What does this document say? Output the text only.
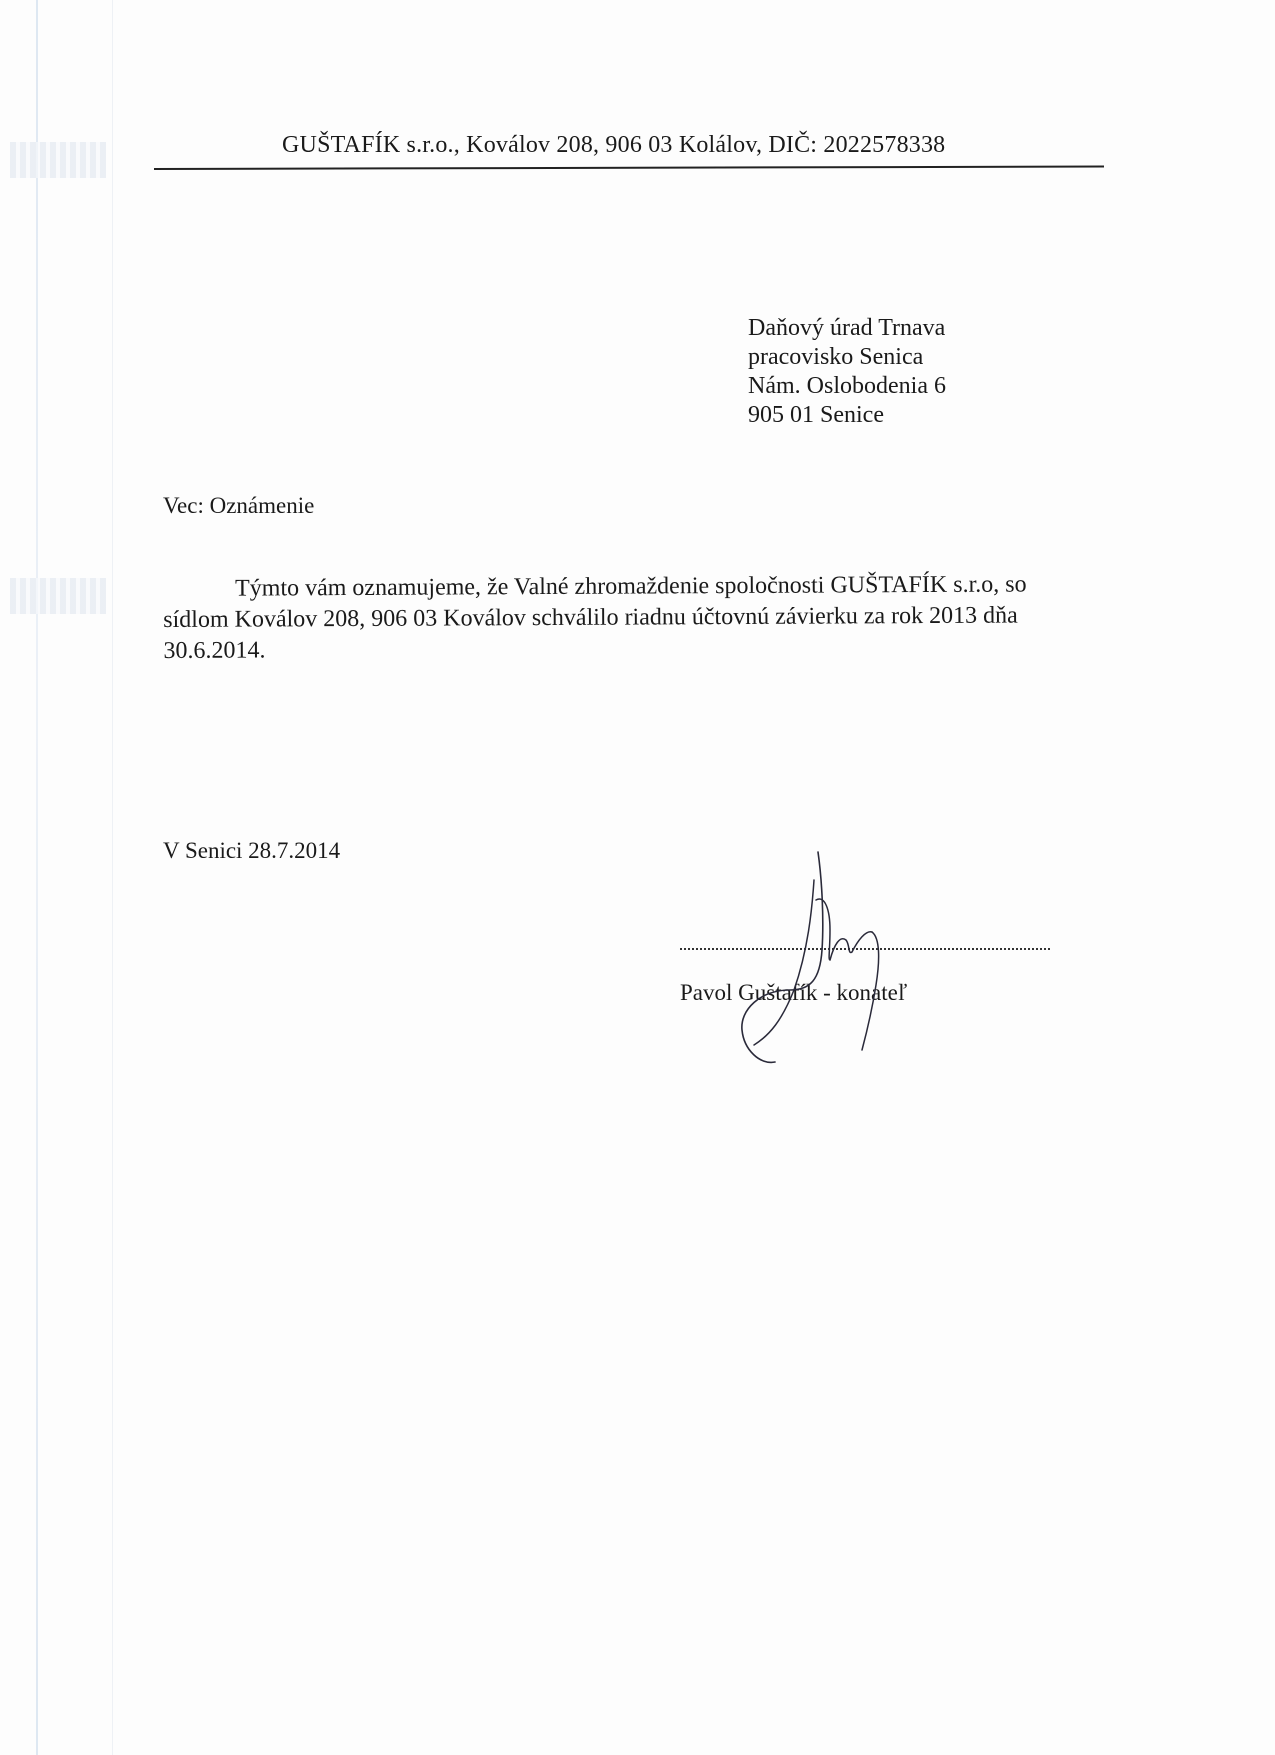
GUŠTAFÍK s.r.o., Koválov 208, 906 03 Kolálov, DIČ: 2022578338
Daňový úrad Trnava
pracovisko Senica
Nám. Oslobodenia 6
905 01 Senice
Vec: Oznámenie
Týmto vám oznamujeme, že Valné zhromaždenie spoločnosti GUŠTAFÍK s.r.o, so sídlom Koválov 208, 906 03 Koválov schválilo riadnu účtovnú závierku za rok 2013 dňa 30.6.2014.
V Senici 28.7.2014
Pavol Guštafík - konateľ
